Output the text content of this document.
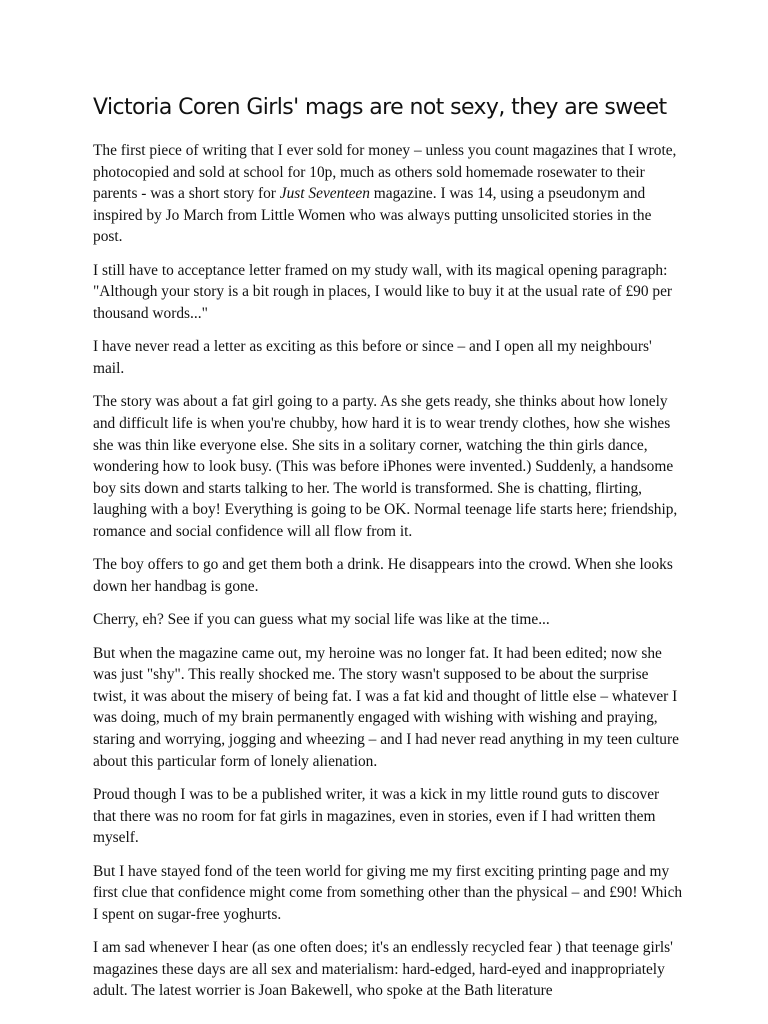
Victoria Coren Girls' mags are not sexy, they are sweet

The first piece of writing that I ever sold for money – unless you count magazines that I wrote, photocopied and sold at school for 10p, much as others sold homemade rosewater to their parents - was a short story for Just Seventeen magazine. I was 14, using a pseudonym and inspired by Jo March from Little Women who was always putting unsolicited stories in the post.

I still have to acceptance letter framed on my study wall, with its magical opening paragraph: "Although your story is a bit rough in places, I would like to buy it at the usual rate of £90 per thousand words..."

I have never read a letter as exciting as this before or since – and I open all my neighbours' mail.

The story was about a fat girl going to a party. As she gets ready, she thinks about how lonely and difficult life is when you're chubby, how hard it is to wear trendy clothes, how she wishes she was thin like everyone else. She sits in a solitary corner, watching the thin girls dance, wondering how to look busy. (This was before iPhones were invented.) Suddenly, a handsome boy sits down and starts talking to her. The world is transformed. She is chatting, flirting, laughing with a boy! Everything is going to be OK. Normal teenage life starts here; friendship, romance and social confidence will all flow from it.

The boy offers to go and get them both a drink. He disappears into the crowd. When she looks down her handbag is gone.

Cherry, eh? See if you can guess what my social life was like at the time...

But when the magazine came out, my heroine was no longer fat. It had been edited; now she was just "shy". This really shocked me. The story wasn't supposed to be about the surprise twist, it was about the misery of being fat. I was a fat kid and thought of little else – whatever I was doing, much of my brain permanently engaged with wishing with wishing and praying, staring and worrying, jogging and wheezing – and I had never read anything in my teen culture about this particular form of lonely alienation.

Proud though I was to be a published writer, it was a kick in my little round guts to discover that there was no room for fat girls in magazines, even in stories, even if I had written them myself.

But I have stayed fond of the teen world for giving me my first exciting printing page and my first clue that confidence might come from something other than the physical – and £90! Which I spent on sugar-free yoghurts.

I am sad whenever I hear (as one often does; it's an endlessly recycled fear ) that teenage girls' magazines these days are all sex and materialism: hard-edged, hard-eyed and inappropriately adult. The latest worrier is Joan Bakewell, who spoke at the Bath literature
